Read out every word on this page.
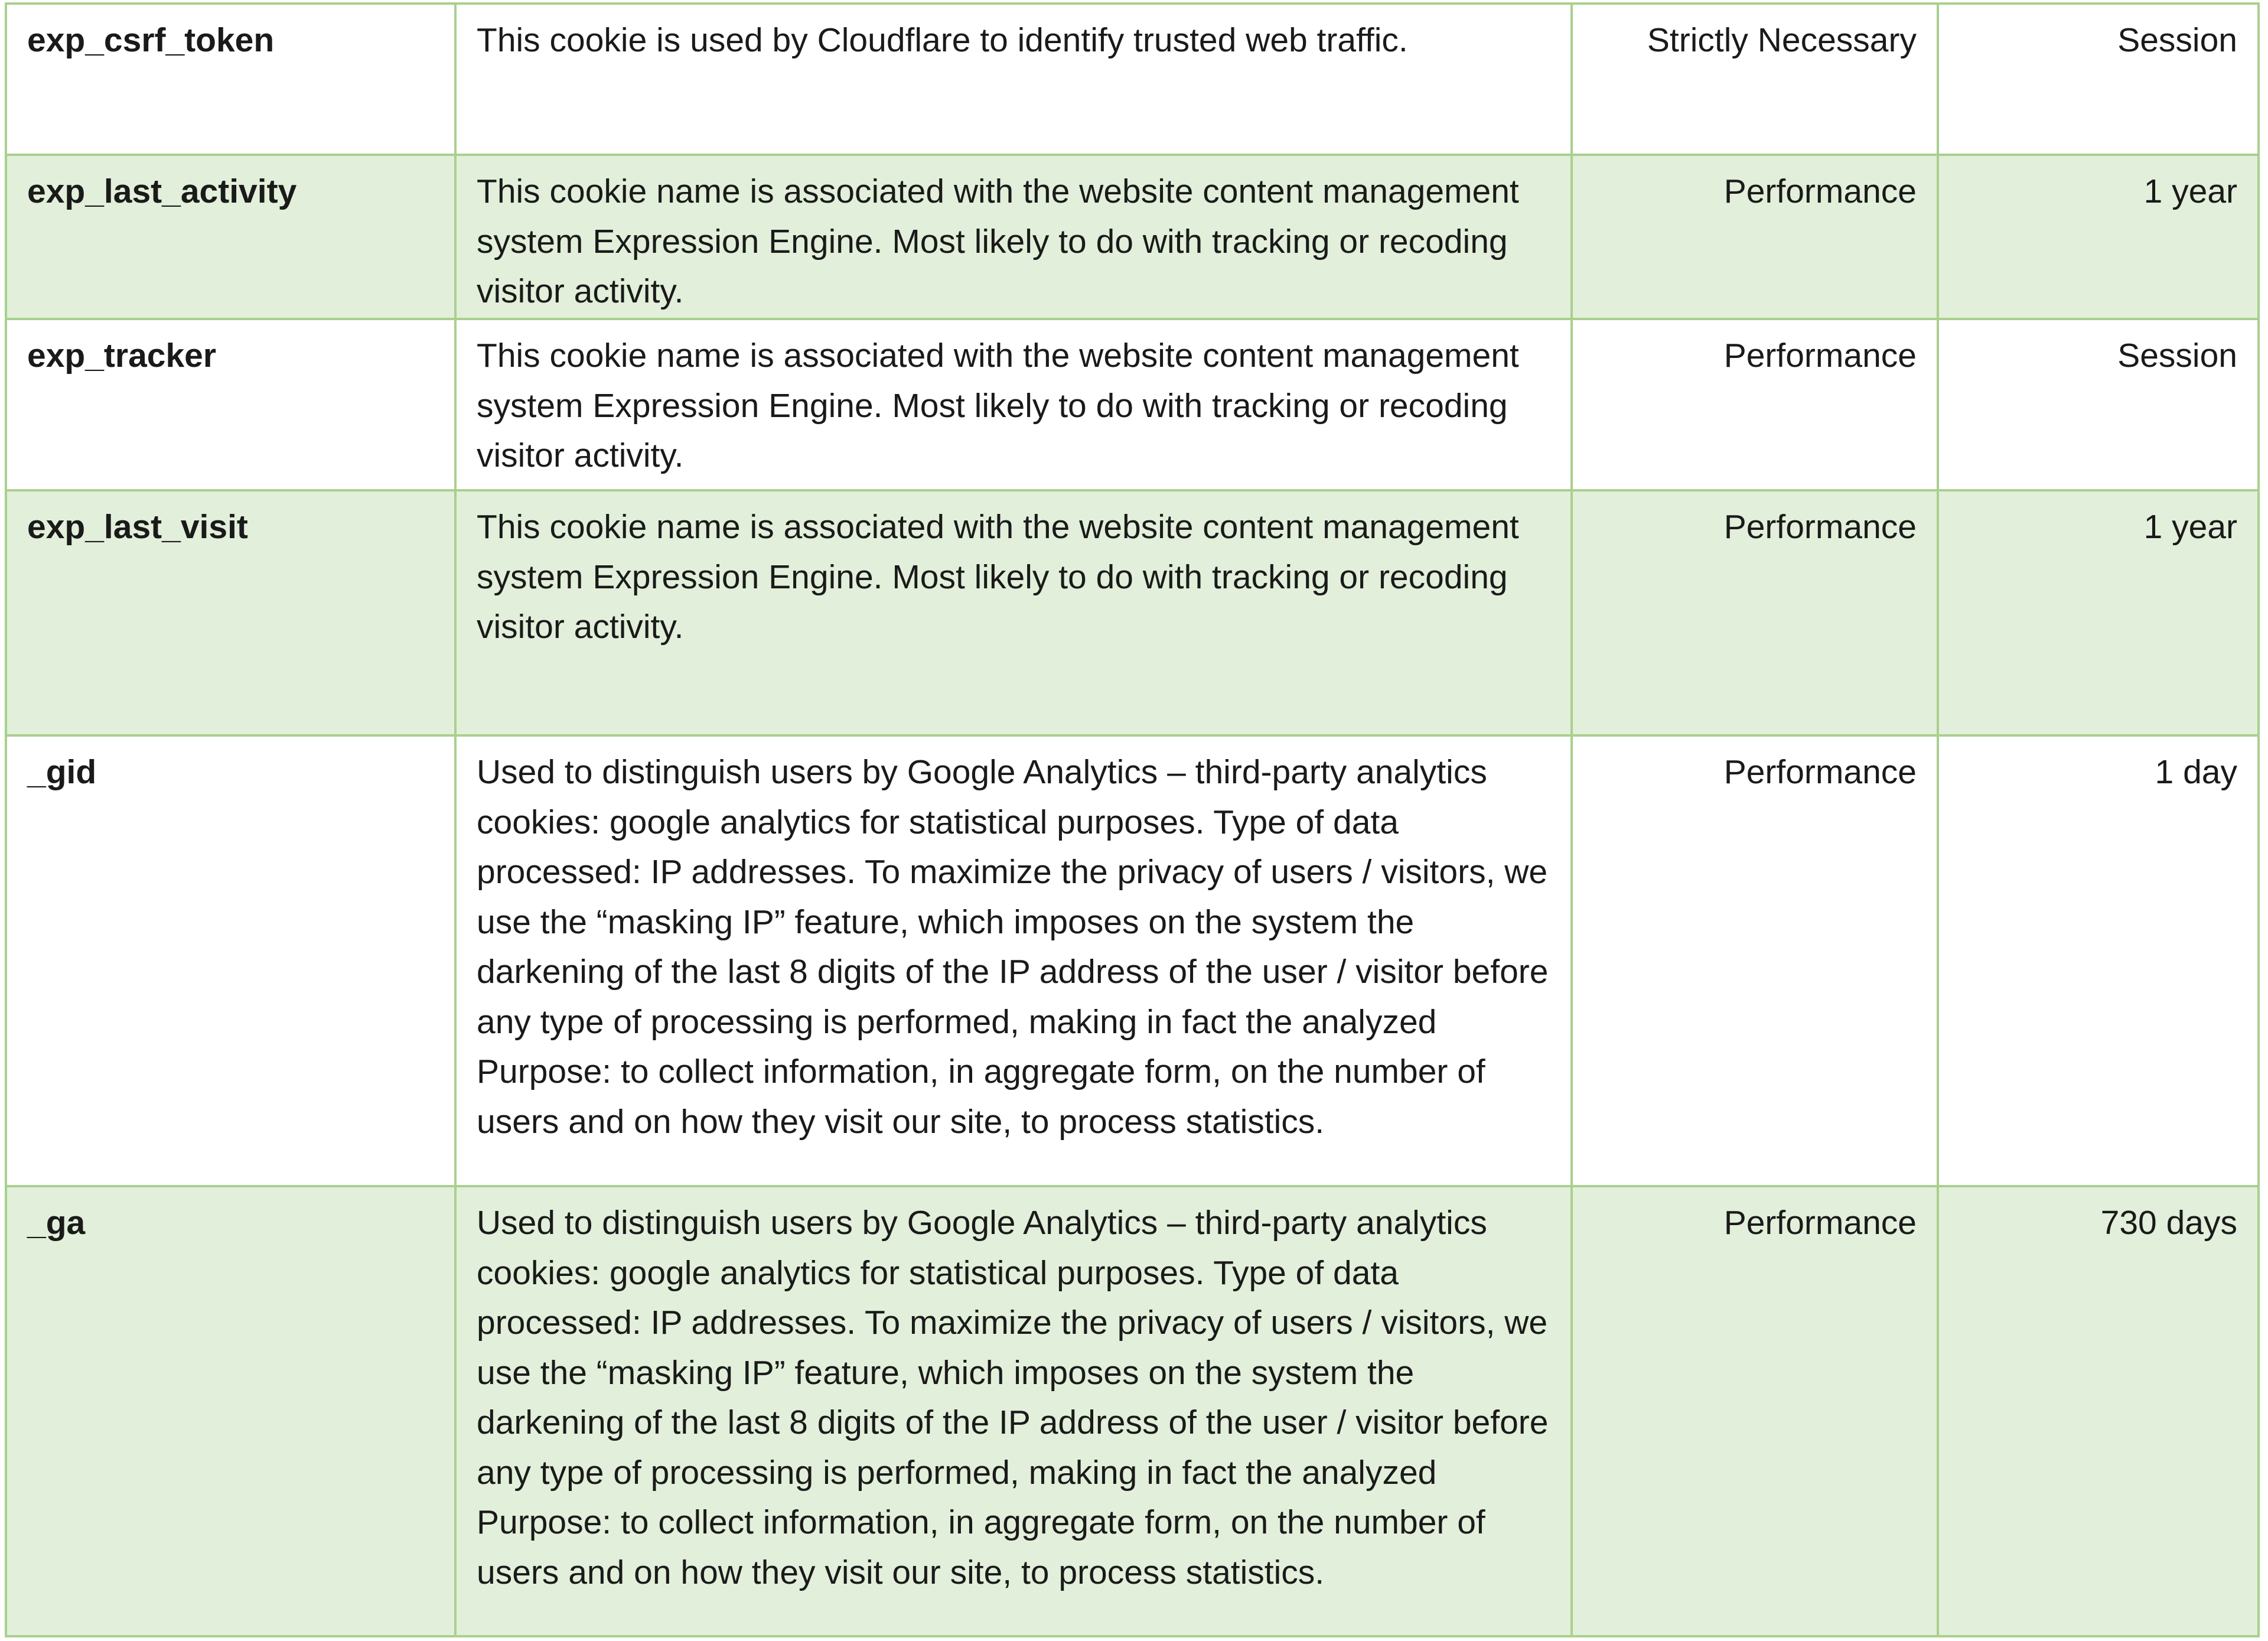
exp_csrf_token	This cookie is used by Cloudflare to identify trusted web traffic.	Strictly Necessary	Session
exp_last_activity	This cookie name is associated with the website content management system Expression Engine. Most likely to do with tracking or recoding visitor activity.	Performance	1 year
exp_tracker	This cookie name is associated with the website content management system Expression Engine. Most likely to do with tracking or recoding visitor activity.	Performance	Session
exp_last_visit	This cookie name is associated with the website content management system Expression Engine. Most likely to do with tracking or recoding visitor activity.	Performance	1 year
_gid	Used to distinguish users by Google Analytics – third-party analytics cookies: google analytics for statistical purposes. Type of data processed: IP addresses. To maximize the privacy of users / visitors, we use the “masking IP” feature, which imposes on the system the darkening of the last 8 digits of the IP address of the user / visitor before any type of processing is performed, making in fact the analyzed Purpose: to collect information, in aggregate form, on the number of users and on how they visit our site, to process statistics.	Performance	1 day
_ga	Used to distinguish users by Google Analytics – third-party analytics cookies: google analytics for statistical purposes. Type of data processed: IP addresses. To maximize the privacy of users / visitors, we use the “masking IP” feature, which imposes on the system the darkening of the last 8 digits of the IP address of the user / visitor before any type of processing is performed, making in fact the analyzed Purpose: to collect information, in aggregate form, on the number of users and on how they visit our site, to process statistics.	Performance	730 days
